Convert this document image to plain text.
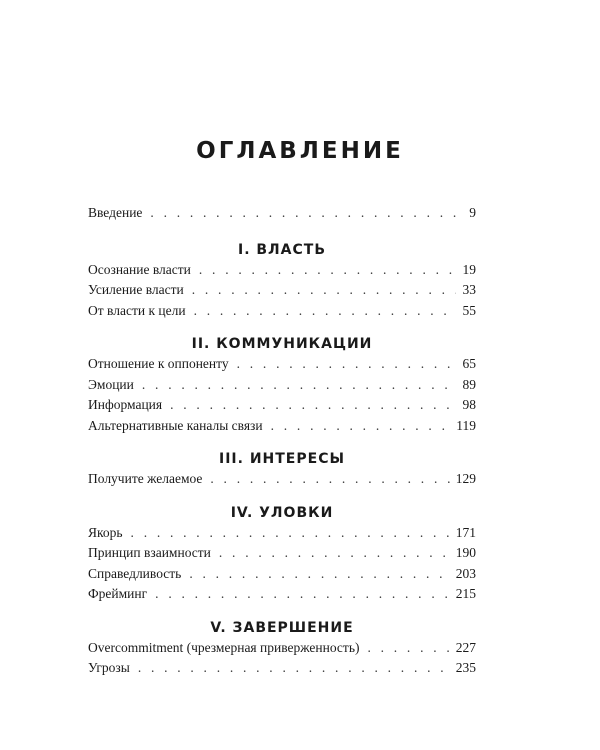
ОГЛАВЛЕНИЕ
Введение . . .	9
I. ВЛАСТЬ
Осознание власти . . .	19
Усиление власти . . .	33
От власти к цели . . .	55
II. КОММУНИКАЦИИ
Отношение к оппоненту . . .	65
Эмоции . . .	89
Информация . . .	98
Альтернативные каналы связи . . .	119
III. ИНТЕРЕСЫ
Получите желаемое . . .	129
IV. УЛОВКИ
Якорь . . .	171
Принцип взаимности . . .	190
Справедливость . . .	203
Фрейминг . . .	215
V. ЗАВЕРШЕНИЕ
Overcommitment (чрезмерная приверженность) . . .	227
Угрозы . . .	235
